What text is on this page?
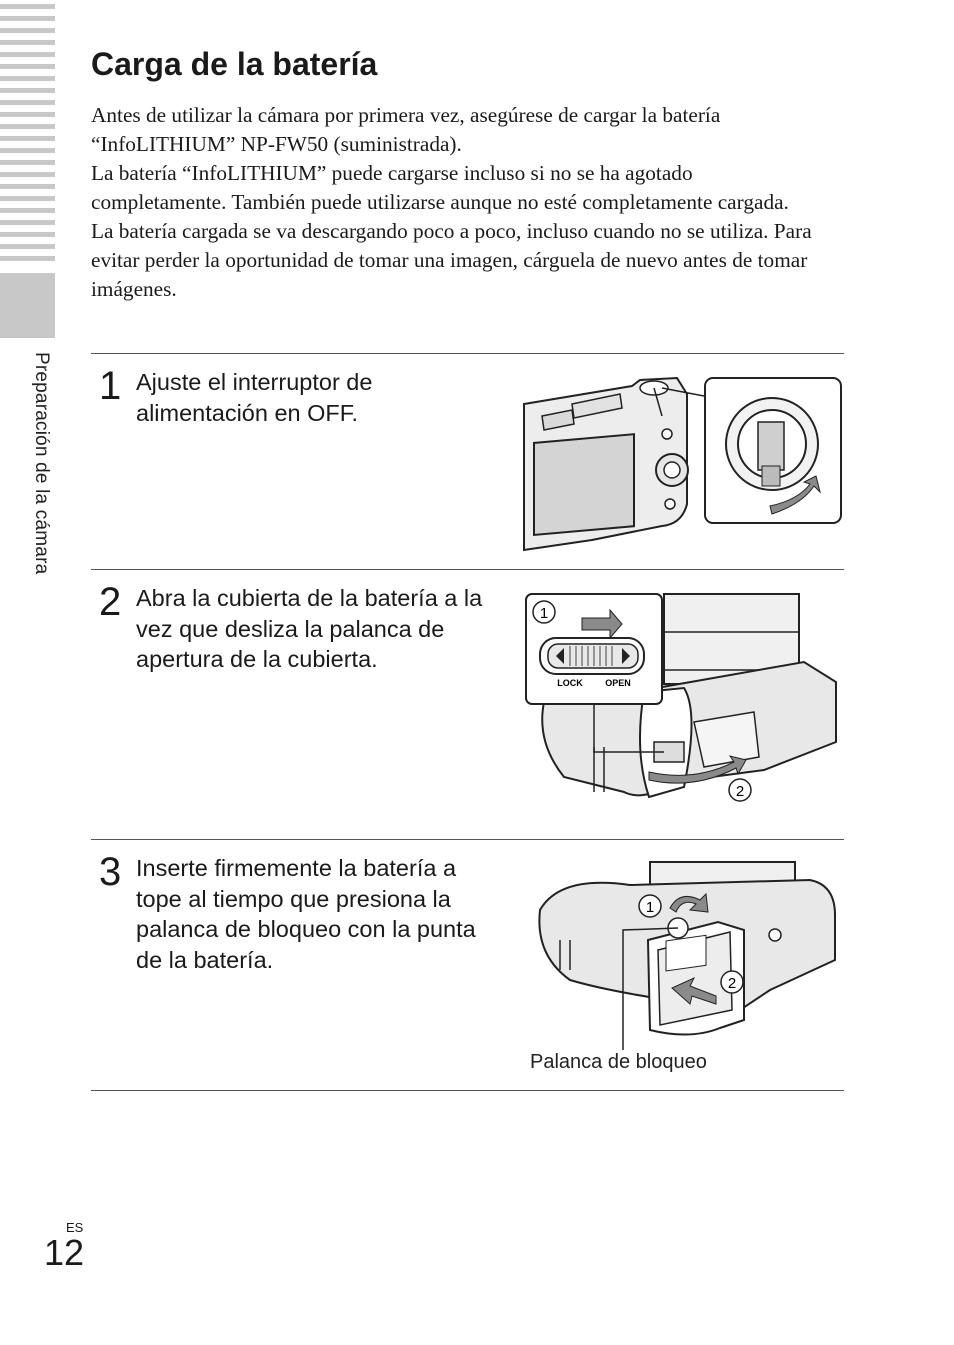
Preparación de la cámara
Carga de la batería

Antes de utilizar la cámara por primera vez, asegúrese de cargar la batería “InfoLITHIUM” NP-FW50 (suministrada).

La batería “InfoLITHIUM” puede cargarse incluso si no se ha agotado completamente. También puede utilizarse aunque no esté completamente cargada.

La batería cargada se va descargando poco a poco, incluso cuando no se utiliza. Para evitar perder la oportunidad de tomar una imagen, cárguela de nuevo antes de tomar imágenes.

1 Ajuste el interruptor de alimentación en OFF.
2 Abra la cubierta de la batería a la vez que desliza la palanca de apertura de la cubierta.
1
LOCK OPEN
2
3 Inserte firmemente la batería a tope al tiempo que presiona la palanca de bloqueo con la punta de la batería.
1
2
Palanca de bloqueo
ES
12
